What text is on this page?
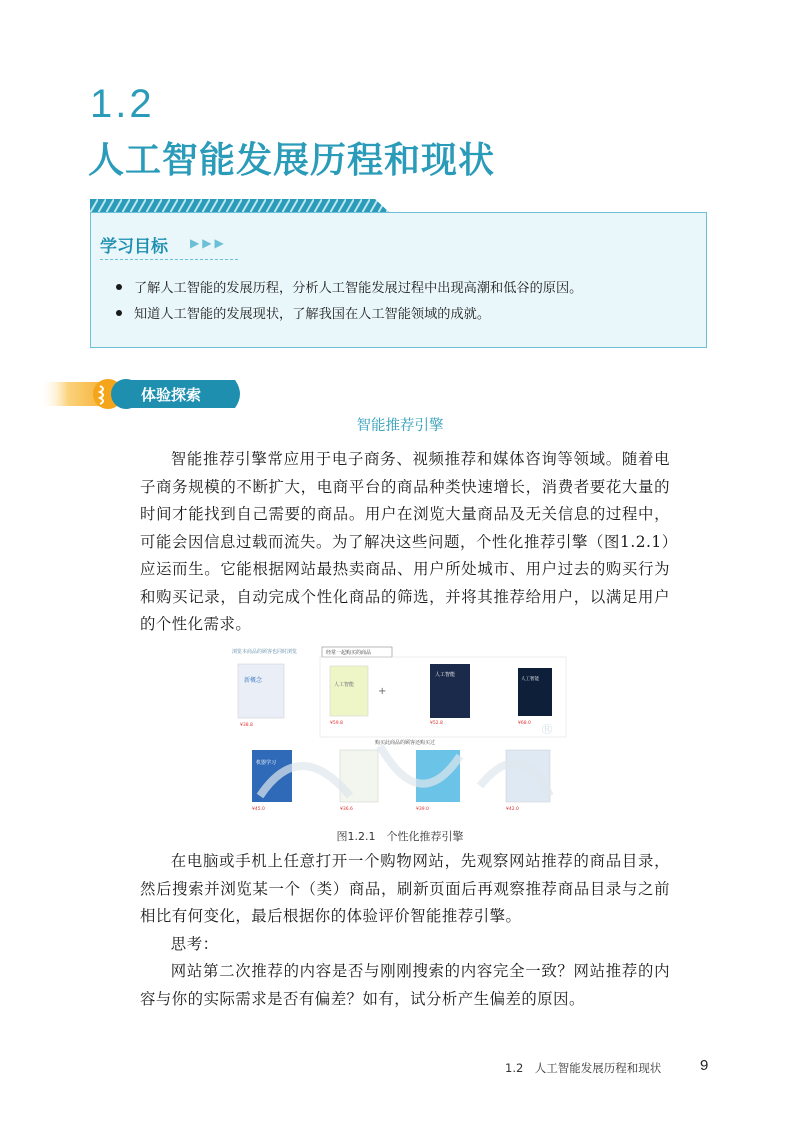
1.2
人工智能发展历程和现状
学习目标 ▶▶▶
了解人工智能的发展历程，分析人工智能发展过程中出现高潮和低谷的原因。
知道人工智能的发展现状，了解我国在人工智能领域的成就。
体验探索
智能推荐引擎

智能推荐引擎常应用于电子商务、视频推荐和媒体咨询等领域。随着电子商务规模的不断扩大，电商平台的商品种类快速增长，消费者要花大量的时间才能找到自己需要的商品。用户在浏览大量商品及无关信息的过程中，可能会因信息过载而流失。为了解决这些问题，个性化推荐引擎（图1.2.1）应运而生。它能根据网站最热卖商品、用户所处城市、用户过去的购买行为和购买记录，自动完成个性化商品的筛选，并将其推荐给用户，以满足用户的个性化需求。

浏览本商品的顾客也同时浏览	经常一起购买的商品
新概念
人工智能
+
人工智能
人工智能
¥38.8	¥59.8	¥52.8	¥68.0
购买此商品的顾客还购买过
机器学习
¥45.0	¥36.6	¥39.0	¥42.0
®
图1.2.1　个性化推荐引擎

在电脑或手机上任意打开一个购物网站，先观察网站推荐的商品目录，然后搜索并浏览某一个（类）商品，刷新页面后再观察推荐商品目录与之前相比有何变化，最后根据你的体验评价智能推荐引擎。

思考：

网站第二次推荐的内容是否与刚刚搜索的内容完全一致？网站推荐的内容与你的实际需求是否有偏差？如有，试分析产生偏差的原因。

1.2　人工智能发展历程和现状	9
